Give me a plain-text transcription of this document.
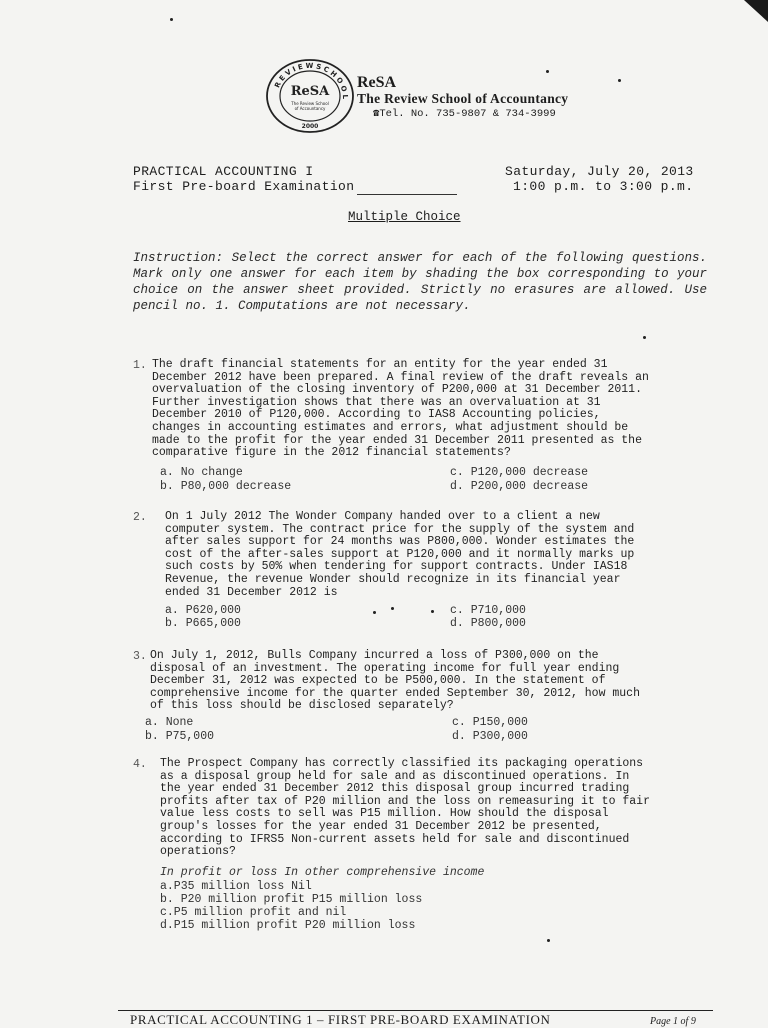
R E V I E W S C H O O L
ReSA
The Review School
of Accountancy
2000
ReSA
The Review School of Accountancy
☎Tel. No. 735-9807 & 734-3999
PRACTICAL ACCOUNTING I
First Pre-board Examination
Saturday, July 20, 2013
1:00 p.m. to 3:00 p.m.
Multiple Choice
Instruction: Select the correct answer for each of the following questions. Mark only one answer for each item by shading the box corresponding to your choice on the answer sheet provided. Strictly no erasures are allowed. Use pencil no. 1. Computations are not necessary.
1. The draft financial statements for an entity for the year ended 31
December 2012 have been prepared. A final review of the draft reveals an
overvaluation of the closing inventory of P200,000 at 31 December 2011.
Further investigation shows that there was an overvaluation at 31
December 2010 of P120,000. According to IAS8 Accounting policies,
changes in accounting estimates and errors, what adjustment should be
made to the profit for the year ended 31 December 2011 presented as the
comparative figure in the 2012 financial statements?
a. No change	c. P120,000 decrease
b. P80,000 decrease	d. P200,000 decrease
2. On 1 July 2012 The Wonder Company handed over to a client a new
computer system. The contract price for the supply of the system and
after sales support for 24 months was P800,000. Wonder estimates the
cost of the after-sales support at P120,000 and it normally marks up
such costs by 50% when tendering for support contracts. Under IAS18
Revenue, the revenue Wonder should recognize in its financial year
ended 31 December 2012 is
a. P620,000	c. P710,000
b. P665,000	d. P800,000
3. On July 1, 2012, Bulls Company incurred a loss of P300,000 on the
disposal of an investment. The operating income for full year ending
December 31, 2012 was expected to be P500,000. In the statement of
comprehensive income for the quarter ended September 30, 2012, how much
of this loss should be disclosed separately?
a. None	c. P150,000
b. P75,000	d. P300,000
4. The Prospect Company has correctly classified its packaging operations
as a disposal group held for sale and as discontinued operations. In
the year ended 31 December 2012 this disposal group incurred trading
profits after tax of P20 million and the loss on remeasuring it to fair
value less costs to sell was P15 million. How should the disposal
group's losses for the year ended 31 December 2012 be presented,
according to IFRS5 Non-current assets held for sale and discontinued
operations?
In profit or loss In other comprehensive income
a.P35 million loss Nil
b. P20 million profit P15 million loss
c.P5 million profit and nil
d.P15 million profit P20 million loss
PRACTICAL ACCOUNTING 1 – FIRST PRE-BOARD EXAMINATION	Page 1 of 9
